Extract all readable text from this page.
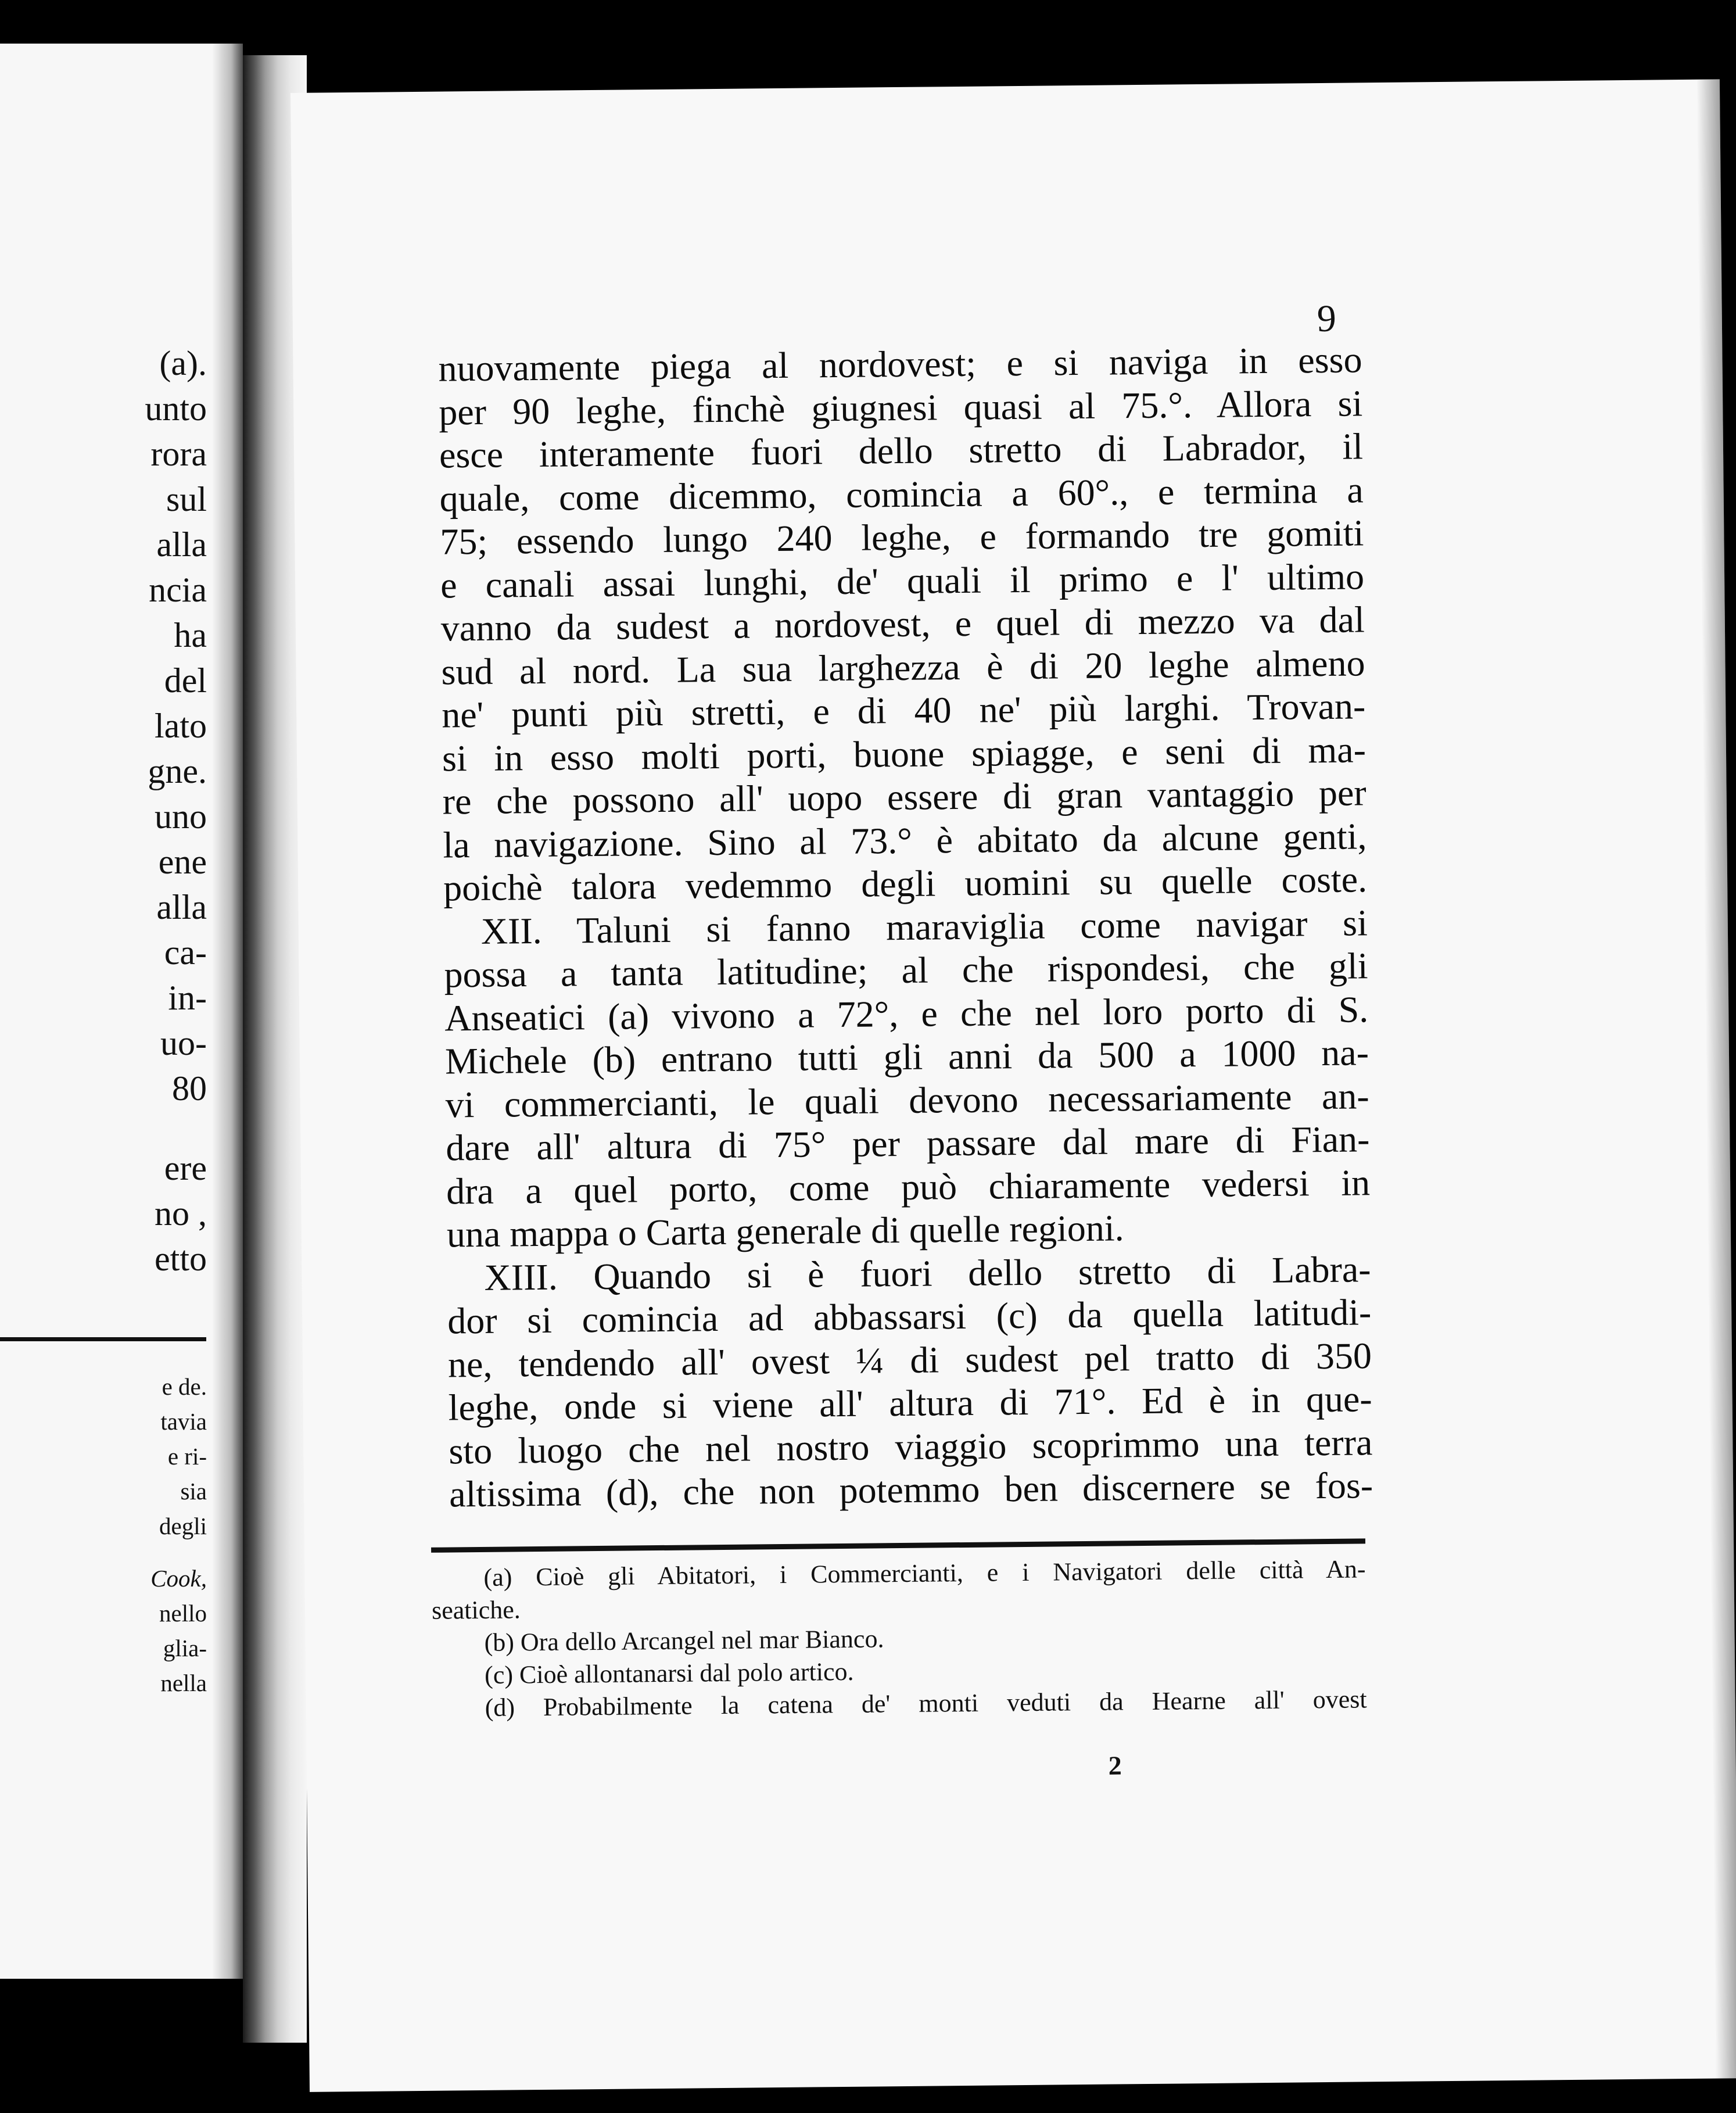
(a).
unto
rora
sul
alla
ncia
ha
del
lato
gne.
uno
ene
alla
ca-
in-
uo-
80
ere
no ,
etto
e de.
tavia
e ri-
sia
degli
Cook,
nello
glia-
nella
9
nuovamente piega al nordovest; e si naviga in esso
per 90 leghe, finchè giugnesi quasi al 75.°. Allora si
esce interamente fuori dello stretto di Labrador, il
quale, come dicemmo, comincia a 60°., e termina a
75; essendo lungo 240 leghe, e formando tre gomiti
e canali assai lunghi, de' quali il primo e l' ultimo
vanno da sudest a nordovest, e quel di mezzo va dal
sud al nord. La sua larghezza è di 20 leghe almeno
ne' punti più stretti, e di 40 ne' più larghi. Trovan-
si in esso molti porti, buone spiagge, e seni di ma-
re che possono all' uopo essere di gran vantaggio per
la navigazione. Sino al 73.° è abitato da alcune genti,
poichè talora vedemmo degli uomini su quelle coste.
XII. Taluni si fanno maraviglia come navigar si
possa a tanta latitudine; al che rispondesi, che gli
Anseatici (a) vivono a 72°, e che nel loro porto di S.
Michele (b) entrano tutti gli anni da 500 a 1000 na-
vi commercianti, le quali devono necessariamente an-
dare all' altura di 75° per passare dal mare di Fian-
dra a quel porto, come può chiaramente vedersi in
una mappa o Carta generale di quelle regioni.
XIII. Quando si è fuori dello stretto di Labra-
dor si comincia ad abbassarsi (c) da quella latitudi-
ne, tendendo all' ovest ¼ di sudest pel tratto di 350
leghe, onde si viene all' altura di 71°. Ed è in que-
sto luogo che nel nostro viaggio scoprimmo una terra
altissima (d), che non potemmo ben discernere se fos-
(a) Cioè gli Abitatori, i Commercianti, e i Navigatori delle città An-
seatiche.
(b) Ora dello Arcangel nel mar Bianco.
(c) Cioè allontanarsi dal polo artico.
(d) Probabilmente la catena de' monti veduti da Hearne all' ovest
2
